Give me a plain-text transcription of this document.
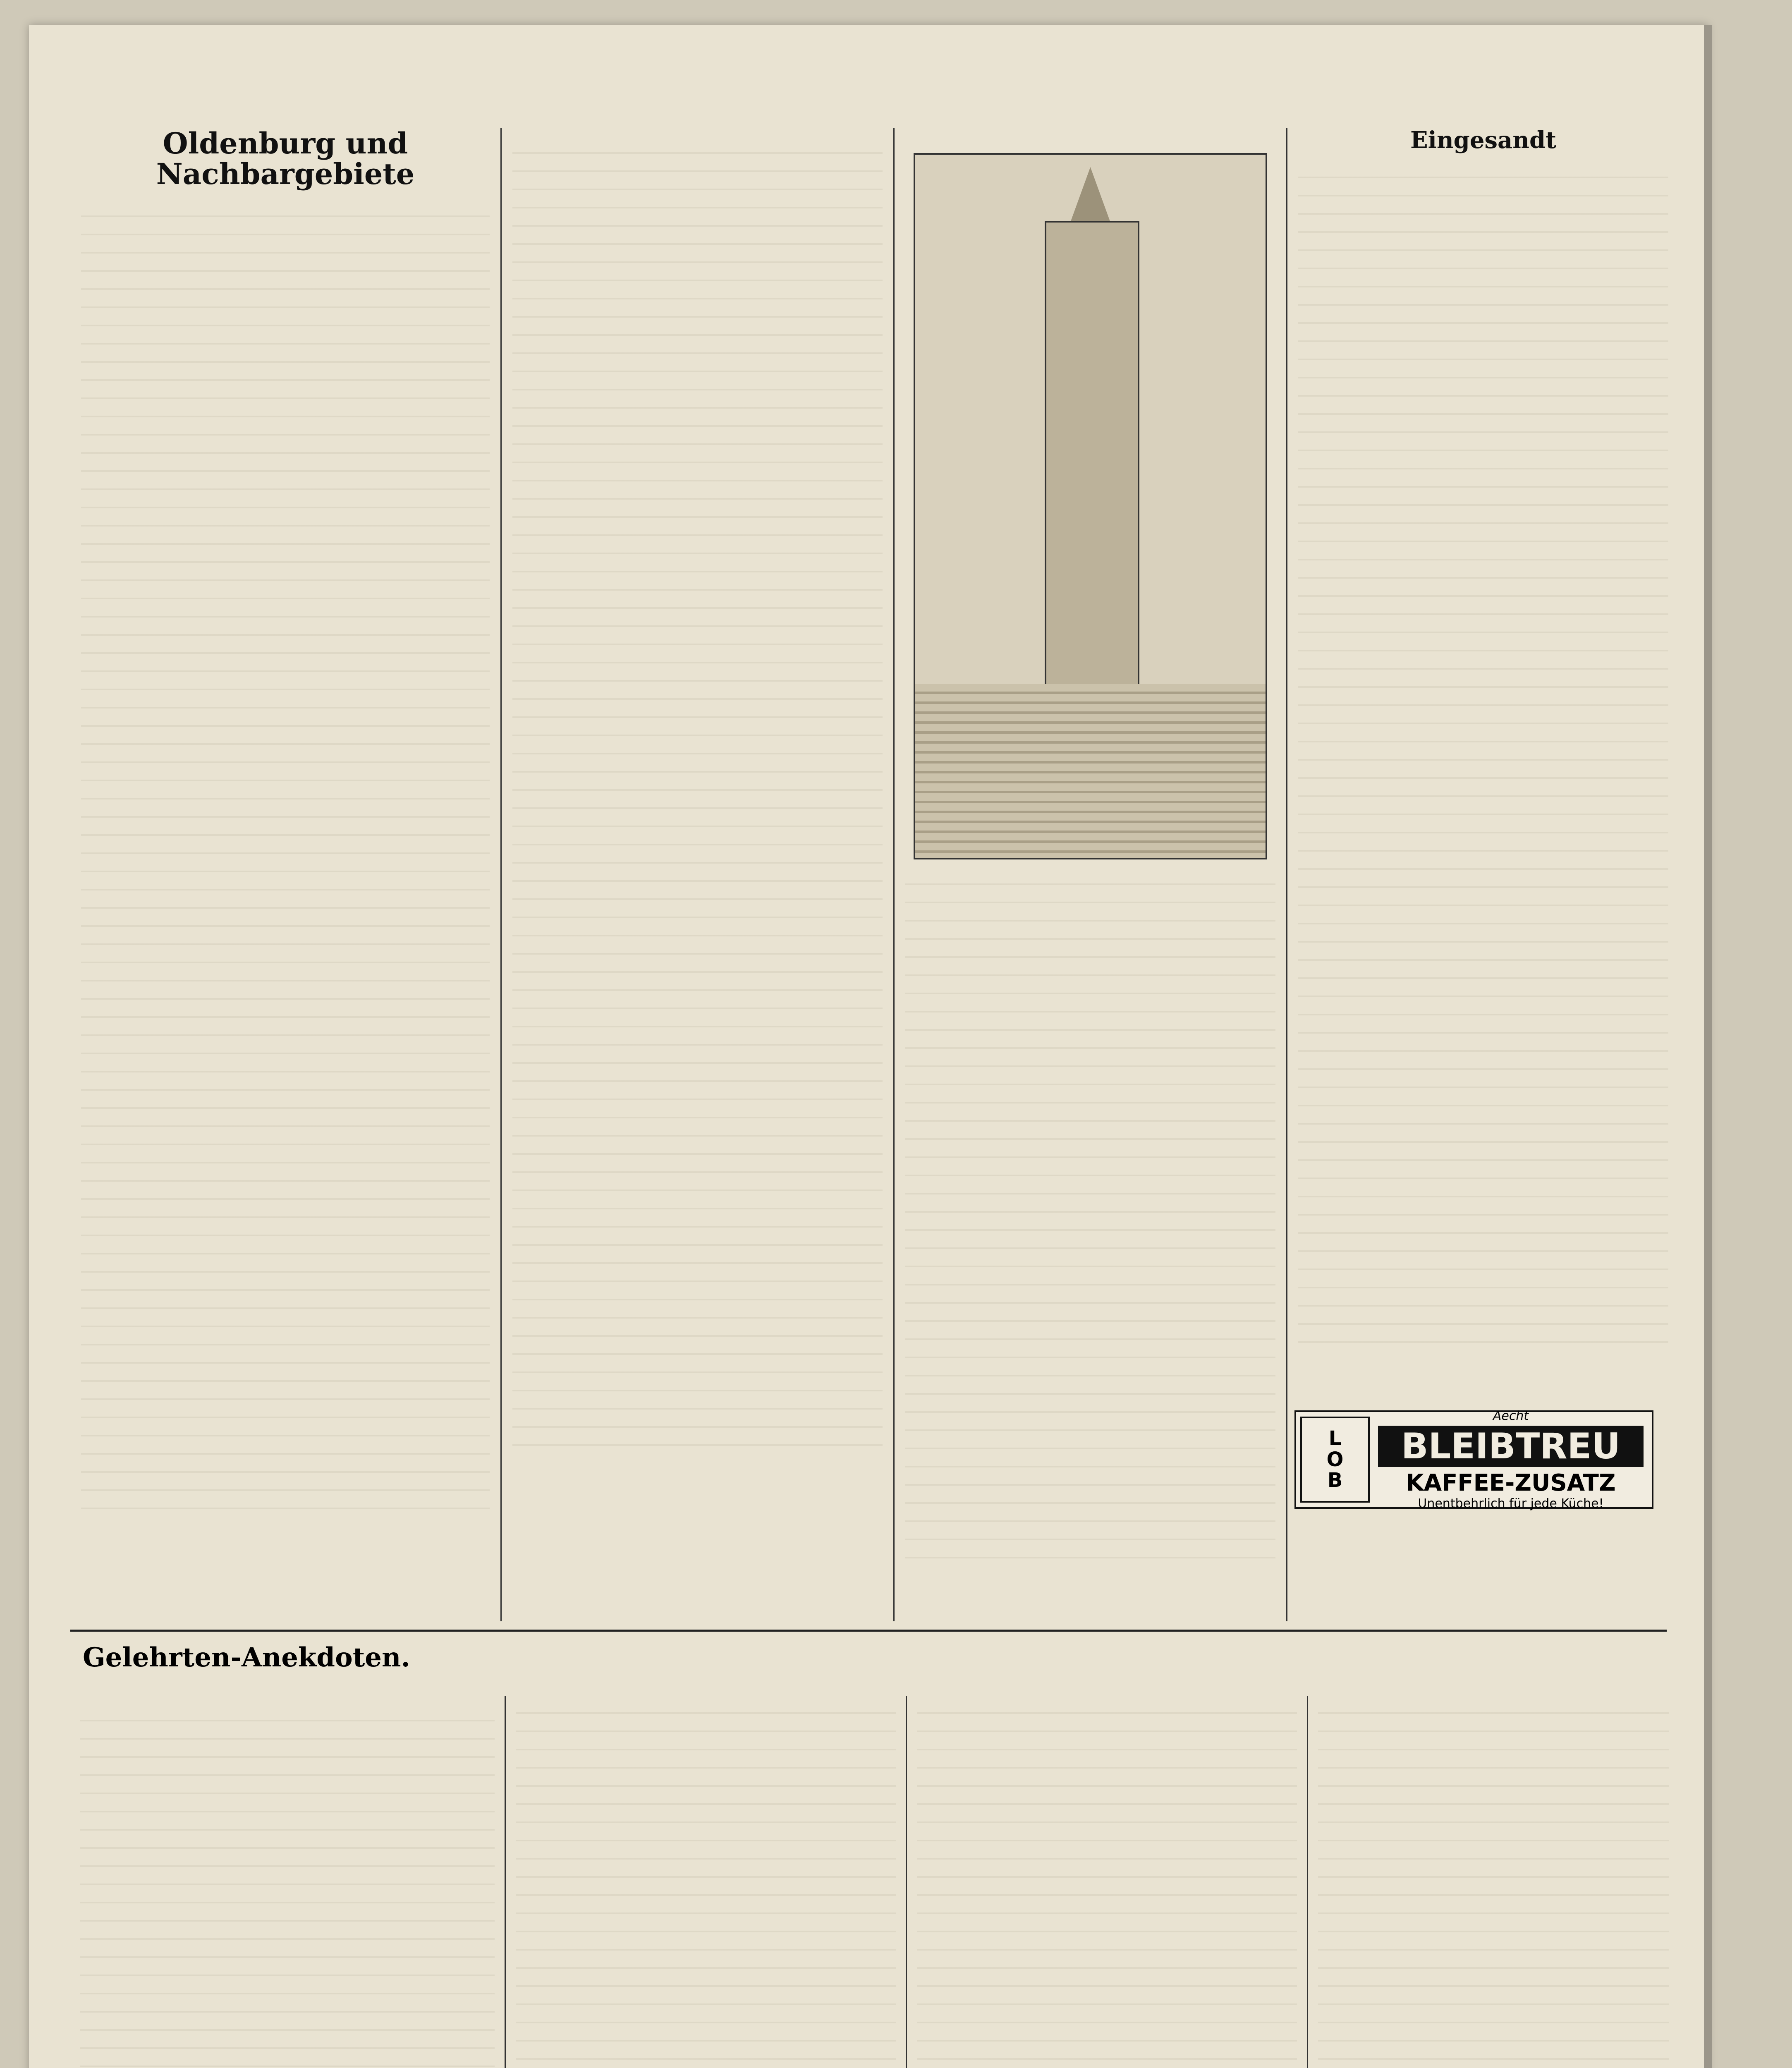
Oldenburg und Nachbargebiete
Eingesandt
L
O
B
Aecht
BLEIBTREU
KAFFEE-ZUSATZ
Unentbehrlich für jede Küche!
Gelehrten-Anekdoten.
